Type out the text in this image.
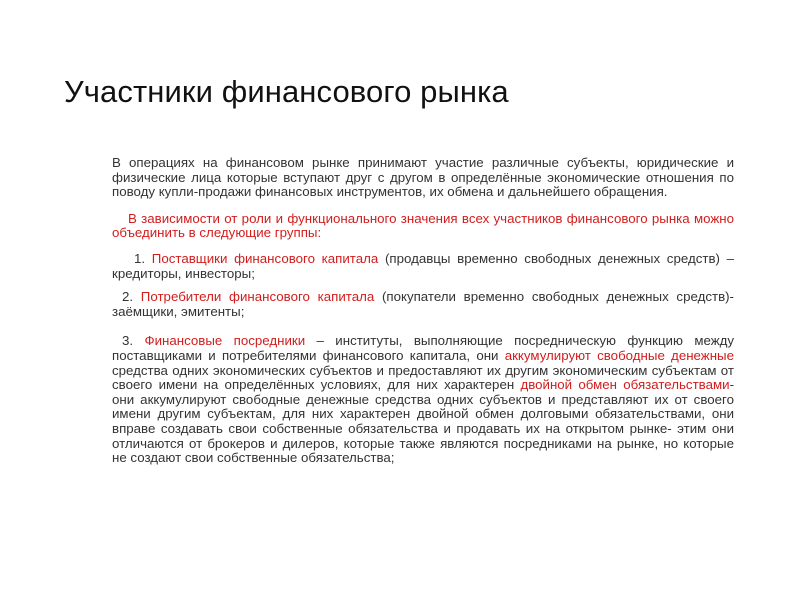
Участники финансового рынка

В операциях на финансовом рынке принимают участие различные субъекты, юридические и физические лица которые вступают друг с другом в определённые экономические отношения по поводу купли-продажи финансовых инструментов, их обмена и дальнейшего обращения.

В зависимости от роли и функционального значения всех участников финансового рынка можно объединить в следующие группы:

1. Поставщики финансового капитала (продавцы временно свободных денежных средств) – кредиторы, инвесторы;

2. Потребители финансового капитала (покупатели временно свободных денежных средств)- заёмщики, эмитенты;

3. Финансовые посредники – институты, выполняющие посредническую функцию между поставщиками и потребителями финансового капитала, они аккумулируют свободные денежные средства одних экономических субъектов и предоставляют их другим экономическим субъектам от своего имени на определённых условиях, для них характерен двойной обмен обязательствами- они аккумулируют свободные денежные средства одних субъектов и представляют их от своего имени другим субъектам, для них характерен двойной обмен долговыми обязательствами, они вправе создавать свои собственные обязательства и продавать их на открытом рынке- этим они отличаются от брокеров и дилеров, которые также являются посредниками на рынке, но которые не создают свои собственные обязательства;
